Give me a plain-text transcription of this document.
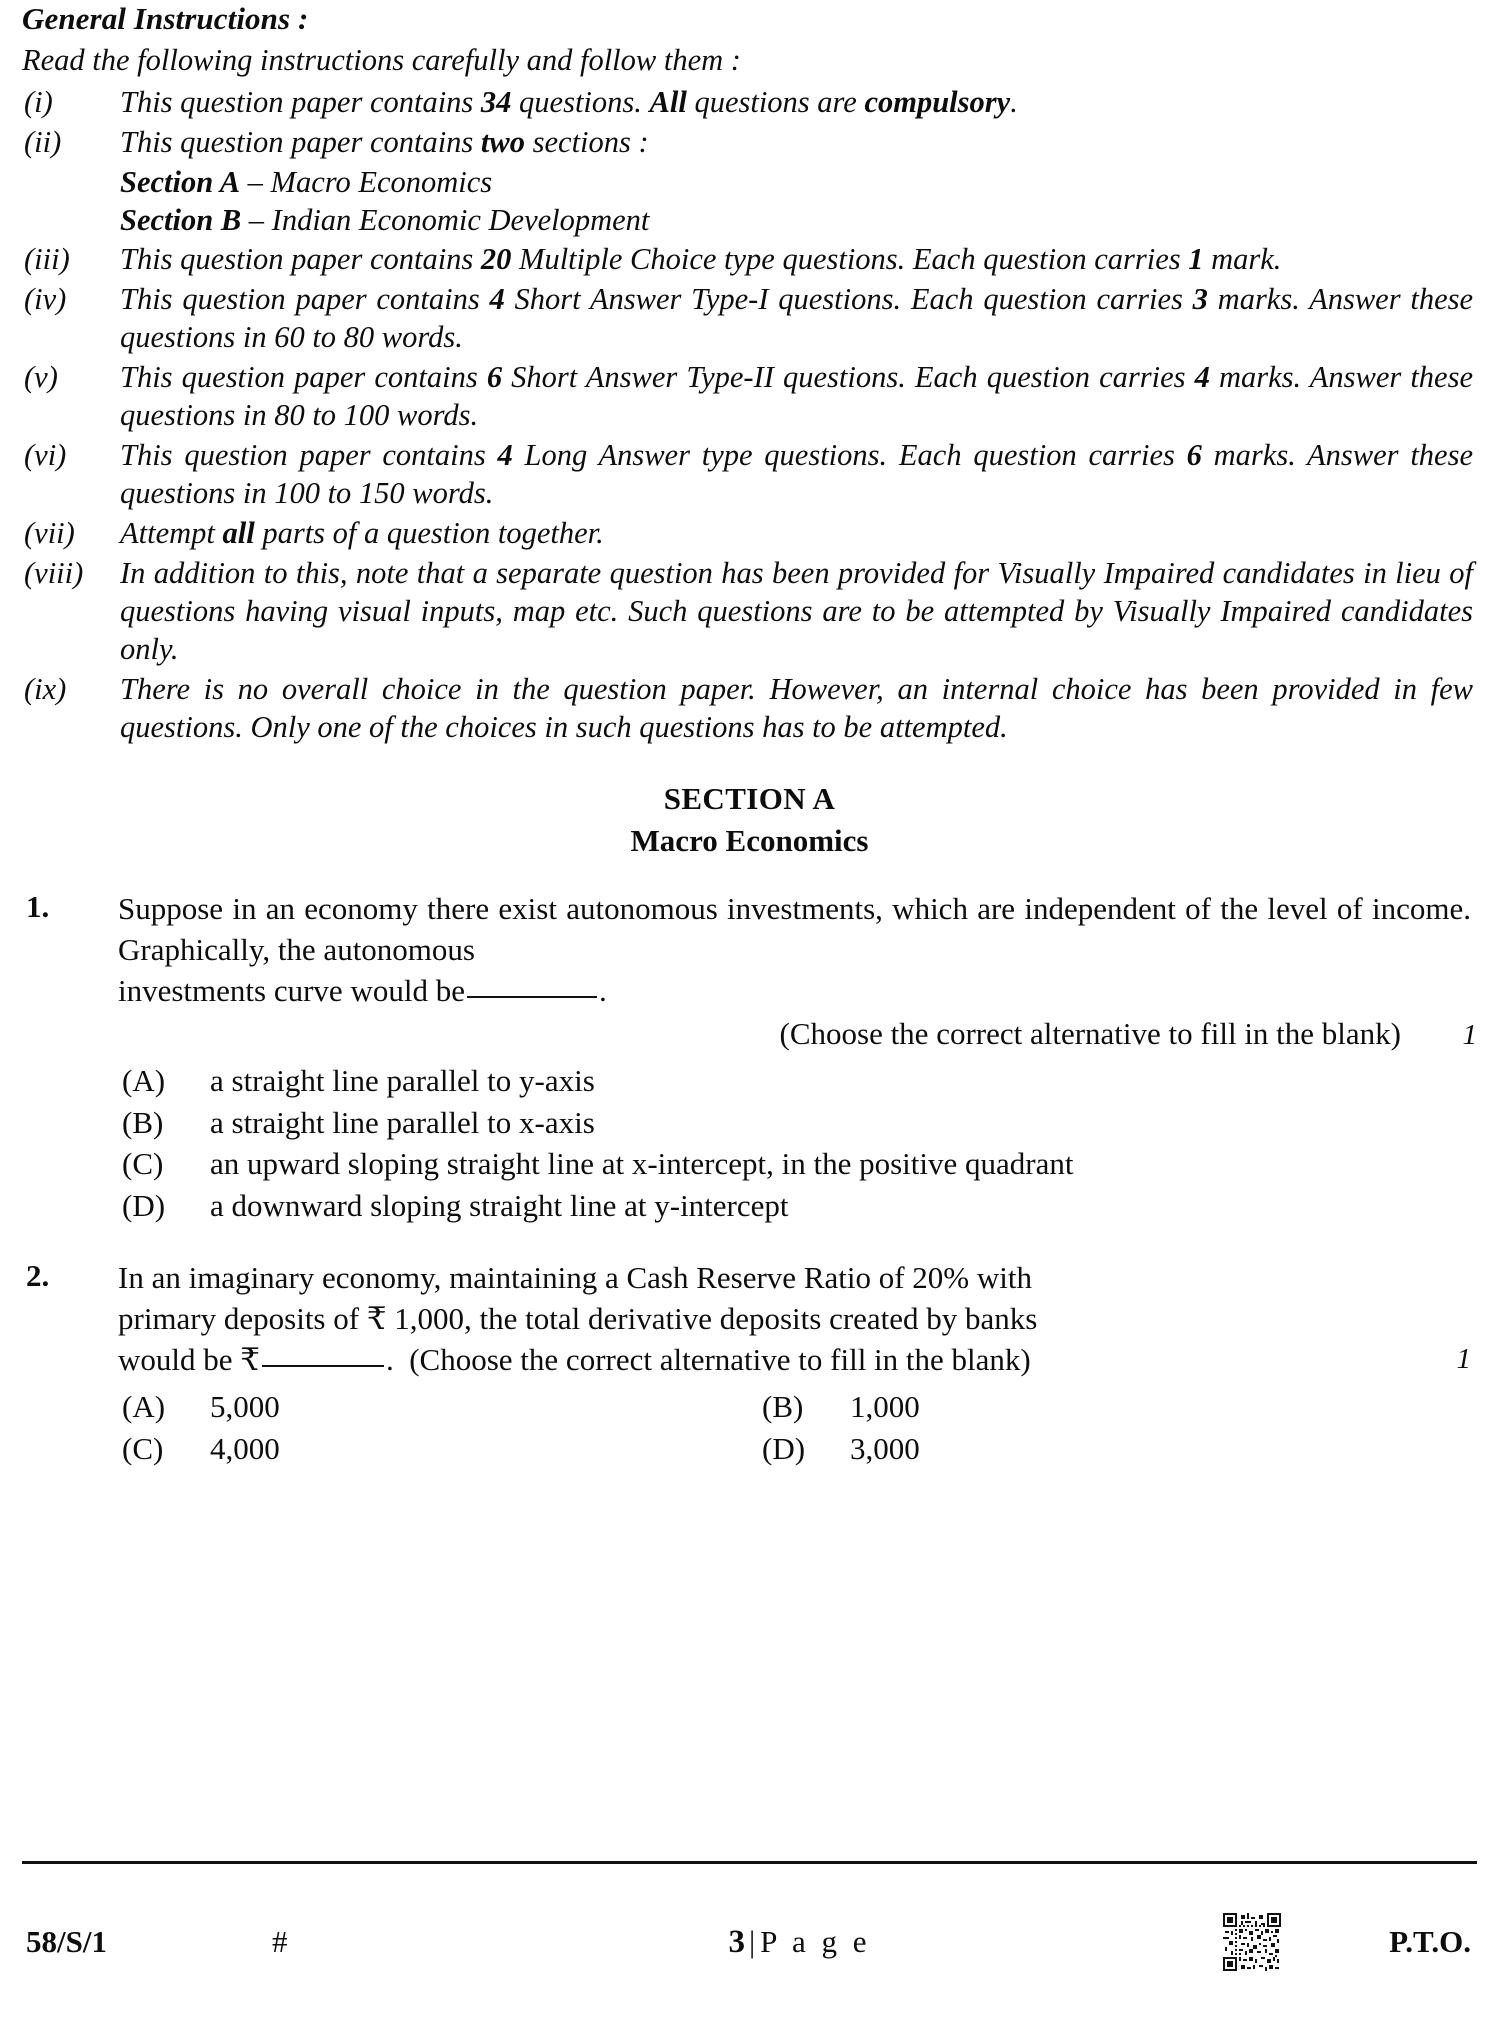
General Instructions :
Read the following instructions carefully and follow them :
(i)	This question paper contains 34 questions. All questions are compulsory.
(ii)	This question paper contains two sections :
Section A – Macro Economics
Section B – Indian Economic Development
(iii)	This question paper contains 20 Multiple Choice type questions. Each question carries 1 mark.
(iv)	This question paper contains 4 Short Answer Type-I questions. Each question carries 3 marks. Answer these questions in 60 to 80 words.
(v)	This question paper contains 6 Short Answer Type-II questions. Each question carries 4 marks. Answer these questions in 80 to 100 words.
(vi)	This question paper contains 4 Long Answer type questions. Each question carries 6 marks. Answer these questions in 100 to 150 words.
(vii)	Attempt all parts of a question together.
(viii)	In addition to this, note that a separate question has been provided for Visually Impaired candidates in lieu of questions having visual inputs, map etc. Such questions are to be attempted by Visually Impaired candidates only.
(ix)	There is no overall choice in the question paper. However, an internal choice has been provided in few questions. Only one of the choices in such questions has to be attempted.
SECTION A
Macro Economics
1.	Suppose in an economy there exist autonomous investments, which are independent of the level of income. Graphically, the autonomous
investments curve would be	.
(Choose the correct alternative to fill in the blank)	1
(A)	a straight line parallel to y-axis
(B)	a straight line parallel to x-axis
(C)	an upward sloping straight line at x-intercept, in the positive quadrant
(D)	a downward sloping straight line at y-intercept
2.	In an imaginary economy, maintaining a Cash Reserve Ratio of 20% with
primary deposits of ₹ 1,000, the total derivative deposits created by banks
would be ₹	. (Choose the correct alternative to fill in the blank)	1
(A)	5,000	(B)	1,000
(C)	4,000	(D)	3,000
58/S/1	#	3 | P a g e	P.T.O.
